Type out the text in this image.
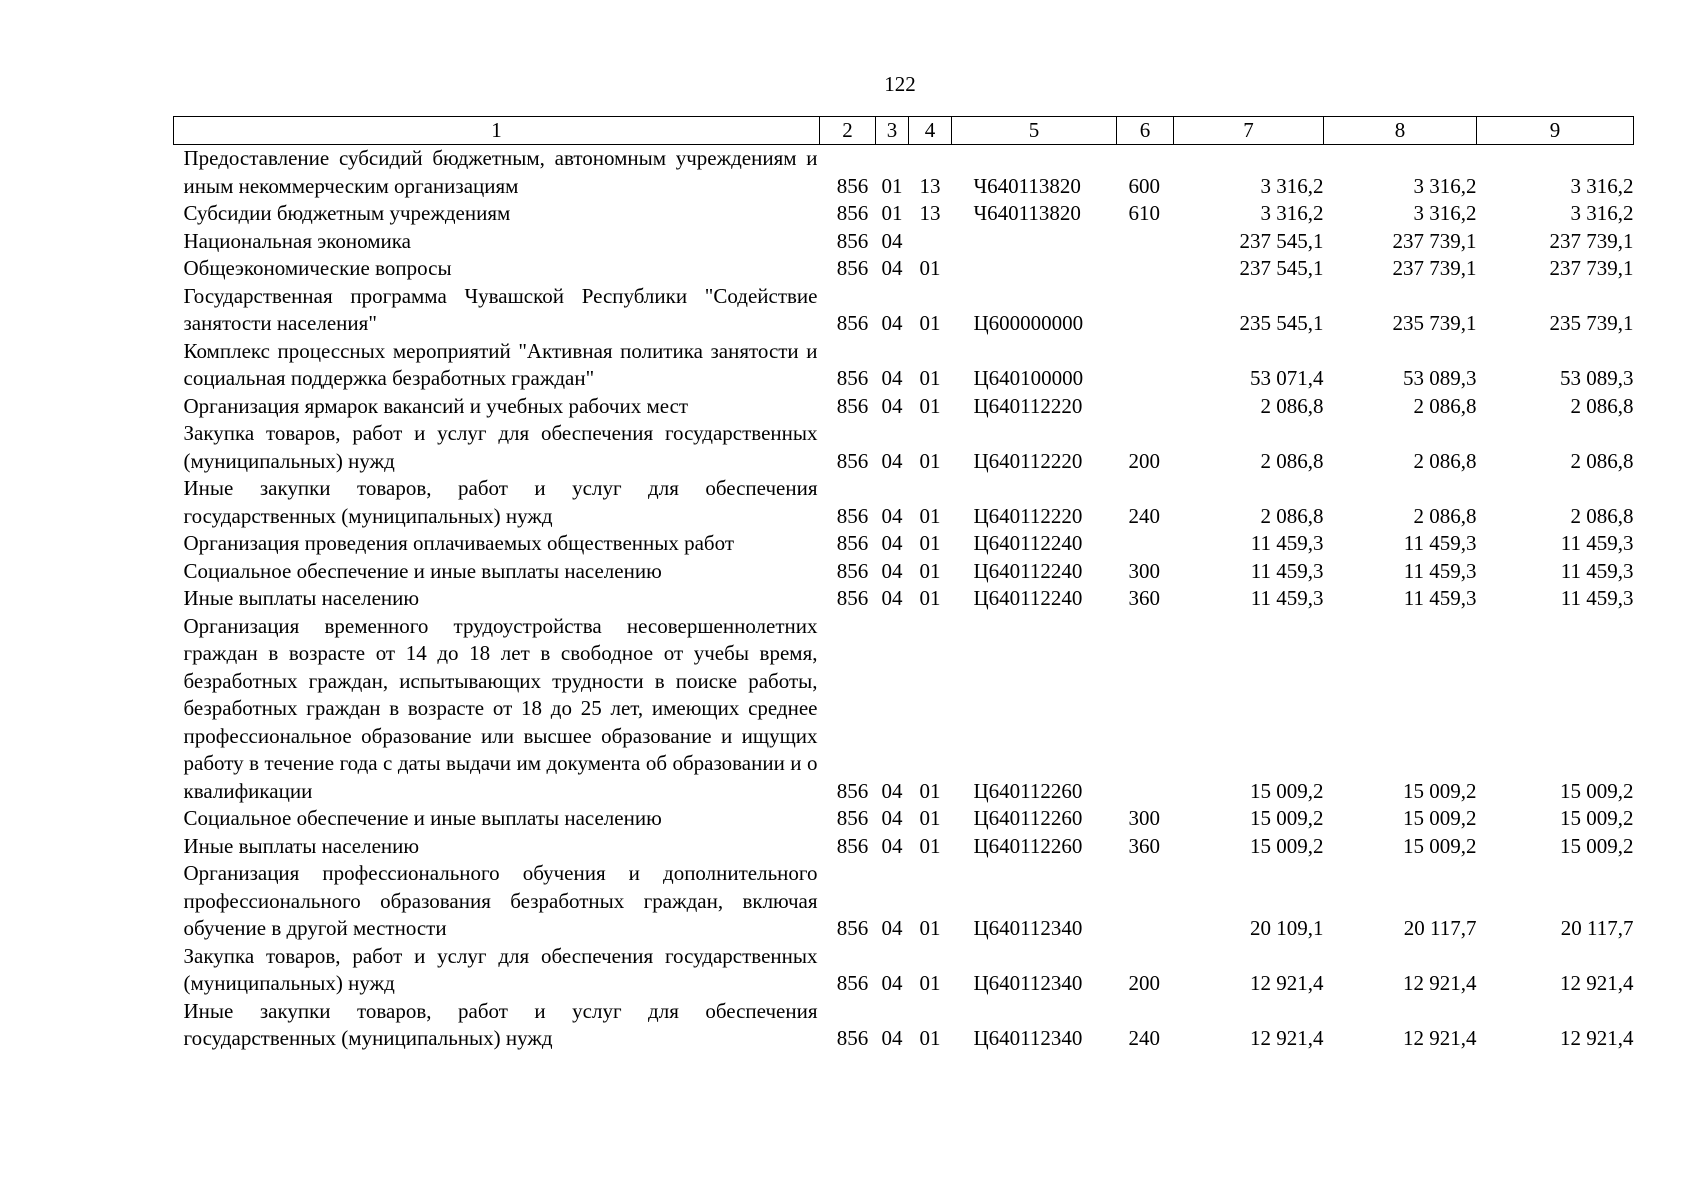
122
1	2	3	4	5	6	7	8	9
Предоставление субсидий бюджетным, автономным учреждениям и иным некоммерческим организациям	856	01	13	Ч640113820	600	3 316,2	3 316,2	3 316,2
Субсидии бюджетным учреждениям	856	01	13	Ч640113820	610	3 316,2	3 316,2	3 316,2
Национальная экономика	856	04				237 545,1	237 739,1	237 739,1
Общеэкономические вопросы	856	04	01			237 545,1	237 739,1	237 739,1
Государственная программа Чувашской Республики "Содействие занятости населения"	856	04	01	Ц600000000		235 545,1	235 739,1	235 739,1
Комплекс процессных мероприятий "Активная политика занятости и социальная поддержка безработных граждан"	856	04	01	Ц640100000		53 071,4	53 089,3	53 089,3
Организация ярмарок вакансий и учебных рабочих мест	856	04	01	Ц640112220		2 086,8	2 086,8	2 086,8
Закупка товаров, работ и услуг для обеспечения государственных (муниципальных) нужд	856	04	01	Ц640112220	200	2 086,8	2 086,8	2 086,8
Иные закупки товаров, работ и услуг для обеспечения государственных (муниципальных) нужд	856	04	01	Ц640112220	240	2 086,8	2 086,8	2 086,8
Организация проведения оплачиваемых общественных работ	856	04	01	Ц640112240		11 459,3	11 459,3	11 459,3
Социальное обеспечение и иные выплаты населению	856	04	01	Ц640112240	300	11 459,3	11 459,3	11 459,3
Иные выплаты населению	856	04	01	Ц640112240	360	11 459,3	11 459,3	11 459,3
Организация временного трудоустройства несовершеннолетних граждан в возрасте от 14 до 18 лет в свободное от учебы время, безработных граждан, испытывающих трудности в поиске работы, безработных граждан в возрасте от 18 до 25 лет, имеющих среднее профессиональное образование или высшее образование и ищущих работу в течение года с даты выдачи им документа об образовании и о квалификации	856	04	01	Ц640112260		15 009,2	15 009,2	15 009,2
Социальное обеспечение и иные выплаты населению	856	04	01	Ц640112260	300	15 009,2	15 009,2	15 009,2
Иные выплаты населению	856	04	01	Ц640112260	360	15 009,2	15 009,2	15 009,2
Организация профессионального обучения и дополнительного профессионального образования безработных граждан, включая обучение в другой местности	856	04	01	Ц640112340		20 109,1	20 117,7	20 117,7
Закупка товаров, работ и услуг для обеспечения государственных (муниципальных) нужд	856	04	01	Ц640112340	200	12 921,4	12 921,4	12 921,4
Иные закупки товаров, работ и услуг для обеспечения государственных (муниципальных) нужд	856	04	01	Ц640112340	240	12 921,4	12 921,4	12 921,4
